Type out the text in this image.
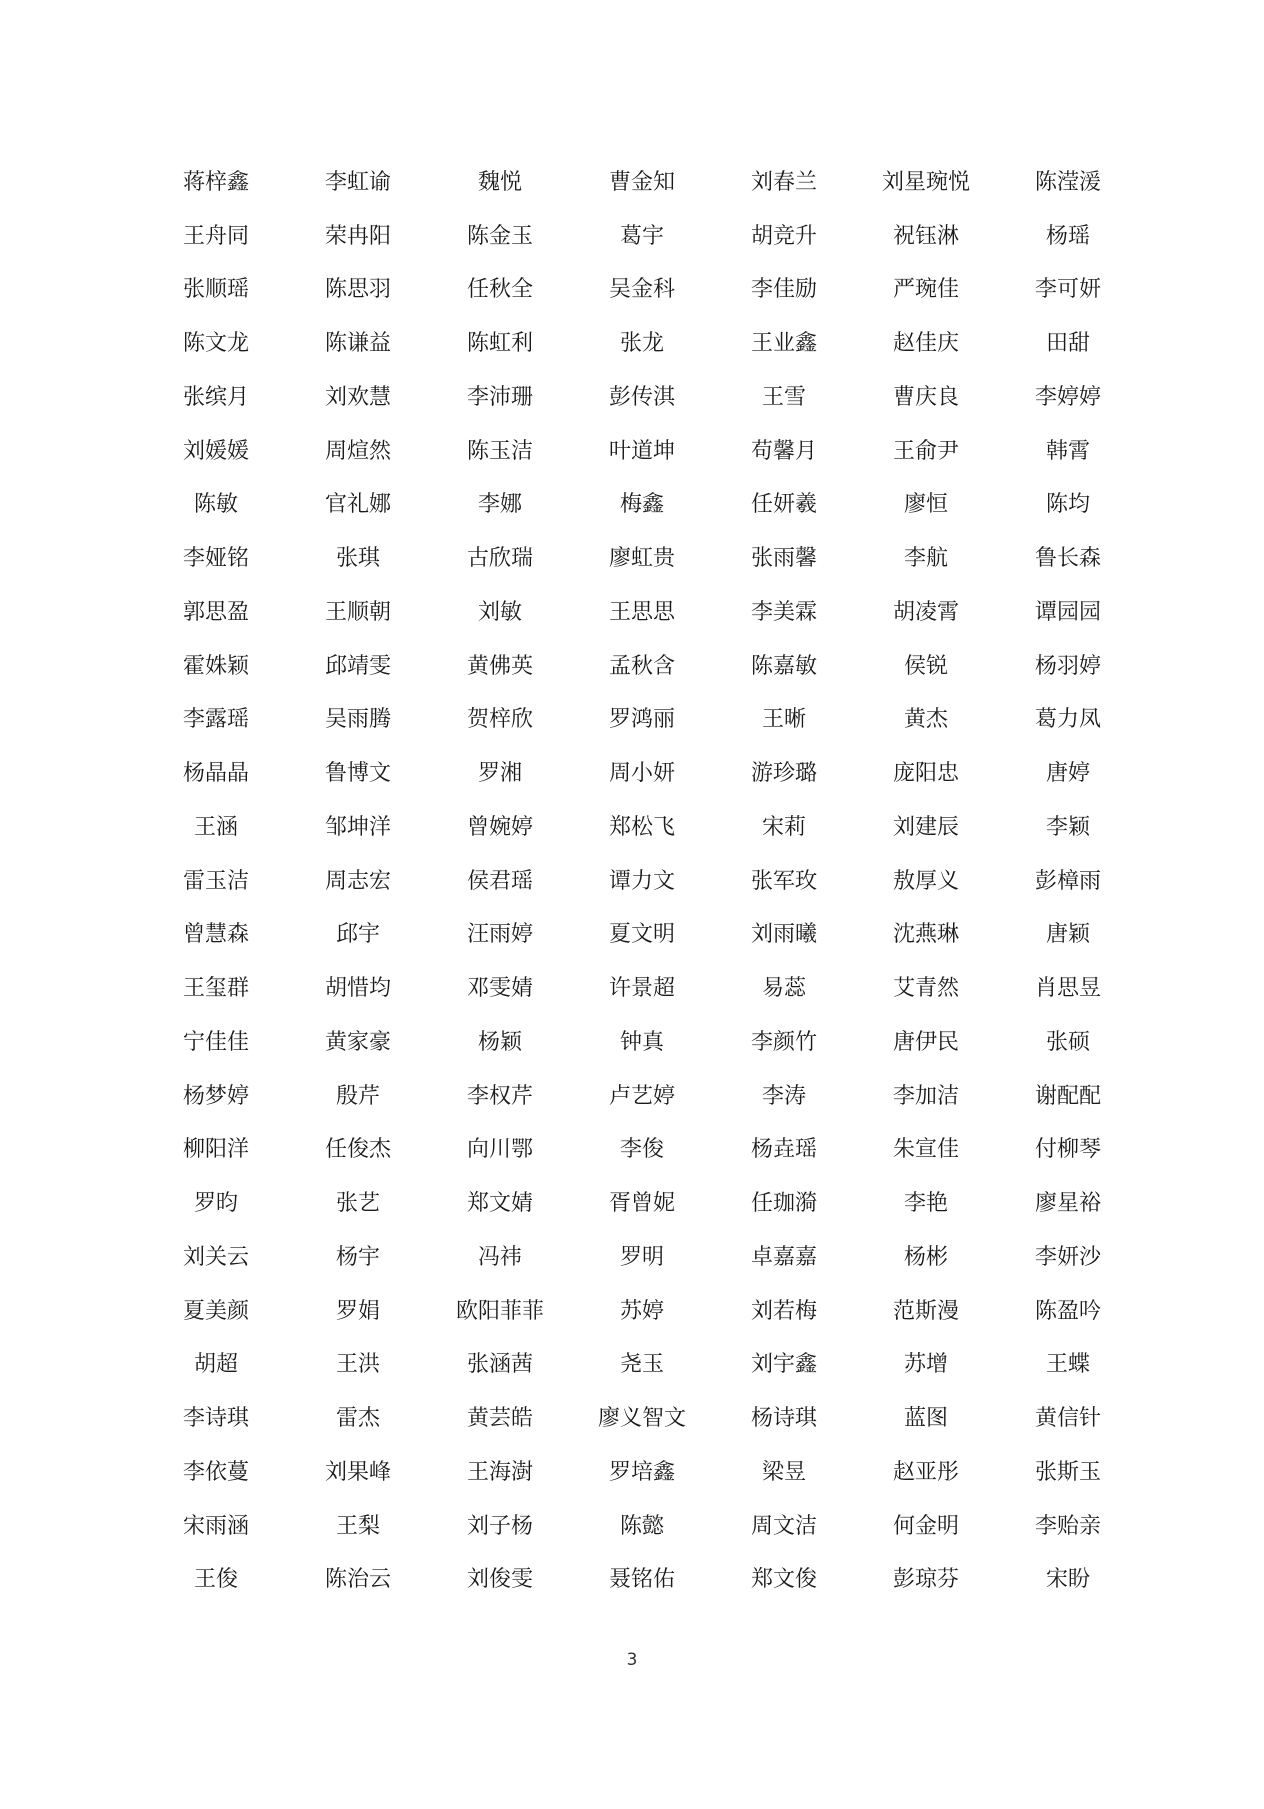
蒋梓鑫	李虹谕	魏悦	曹金知	刘春兰	刘星琬悦	陈滢湲
王舟同	荣冉阳	陈金玉	葛宇	胡竞升	祝钰淋	杨瑶
张顺瑶	陈思羽	任秋全	吴金科	李佳励	严琬佳	李可妍
陈文龙	陈谦益	陈虹利	张龙	王业鑫	赵佳庆	田甜
张缤月	刘欢慧	李沛珊	彭传淇	王雪	曹庆良	李婷婷
刘媛媛	周煊然	陈玉洁	叶道坤	苟馨月	王俞尹	韩霄
陈敏	官礼娜	李娜	梅鑫	任妍羲	廖恒	陈均
李娅铭	张琪	古欣瑞	廖虹贵	张雨馨	李航	鲁长森
郭思盈	王顺朝	刘敏	王思思	李美霖	胡凌霄	谭园园
霍姝颖	邱靖雯	黄佛英	孟秋含	陈嘉敏	侯锐	杨羽婷
李露瑶	吴雨腾	贺梓欣	罗鸿丽	王晰	黄杰	葛力凤
杨晶晶	鲁博文	罗湘	周小妍	游珍璐	庞阳忠	唐婷
王涵	邹坤洋	曾婉婷	郑松飞	宋莉	刘建辰	李颖
雷玉洁	周志宏	侯君瑶	谭力文	张军玫	敖厚义	彭樟雨
曾慧森	邱宇	汪雨婷	夏文明	刘雨曦	沈燕琳	唐颖
王玺群	胡惜均	邓雯婧	许景超	易蕊	艾青然	肖思昱
宁佳佳	黄家豪	杨颖	钟真	李颜竹	唐伊民	张硕
杨梦婷	殷芹	李权芹	卢艺婷	李涛	李加洁	谢配配
柳阳洋	任俊杰	向川鄂	李俊	杨垚瑶	朱宣佳	付柳琴
罗昀	张艺	郑文婧	胥曾妮	任珈漪	李艳	廖星裕
刘关云	杨宇	冯祎	罗明	卓嘉嘉	杨彬	李妍沙
夏美颜	罗娟	欧阳菲菲	苏婷	刘若梅	范斯漫	陈盈吟
胡超	王洪	张涵茜	尧玉	刘宇鑫	苏增	王蝶
李诗琪	雷杰	黄芸皓	廖义智文	杨诗琪	蓝图	黄信针
李依蔓	刘果峰	王海澍	罗培鑫	梁昱	赵亚彤	张斯玉
宋雨涵	王梨	刘子杨	陈懿	周文洁	何金明	李贻亲
王俊	陈治云	刘俊雯	聂铭佑	郑文俊	彭琼芬	宋盼
3
